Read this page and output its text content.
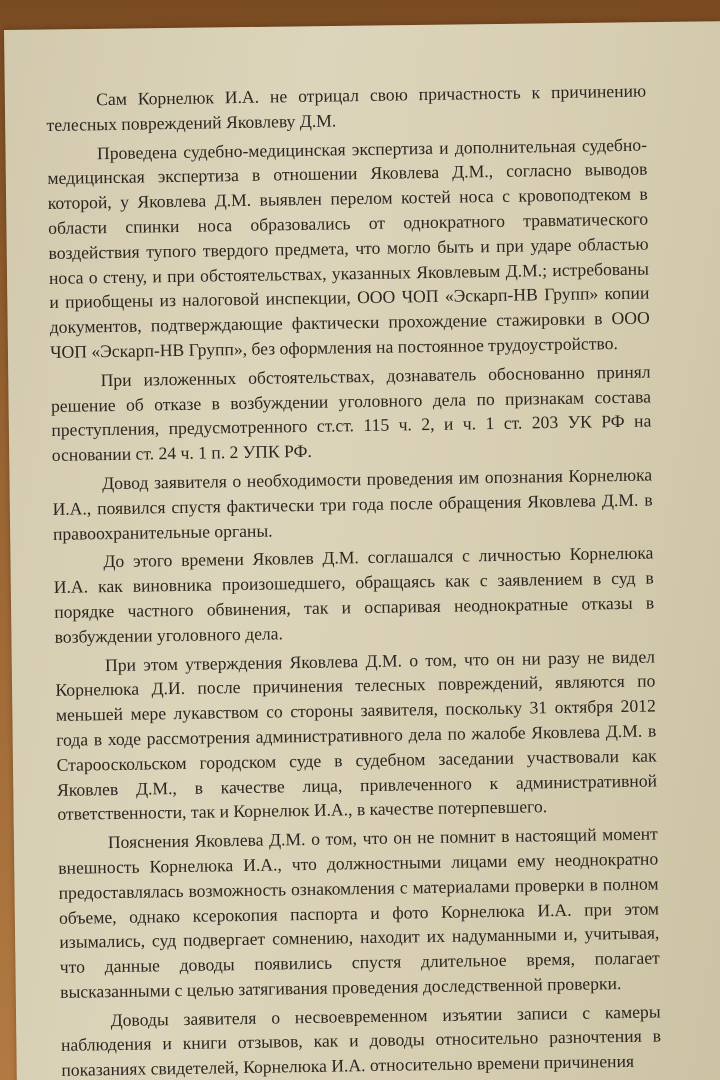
Сам Корнелюк И.А. не отрицал свою причастность к причинению телесных повреждений Яковлеву Д.М.

Проведена судебно-медицинская экспертиза и дополнительная судебно-медицинская экспертиза в отношении Яковлева Д.М., согласно выводов которой, у Яковлева Д.М. выявлен перелом костей носа с кровоподтеком в области спинки носа образовались от однократного травматического воздействия тупого твердого предмета, что могло быть и при ударе областью носа о стену, и при обстоятельствах, указанных Яковлевым Д.М.; истребованы и приобщены из налоговой инспекции, ООО ЧОП «Эскарп-НВ Групп» копии документов, подтверждающие фактически прохождение стажировки в ООО ЧОП «Эскарп-НВ Групп», без оформления на постоянное трудоустройство.

При изложенных обстоятельствах, дознаватель обоснованно принял решение об отказе в возбуждении уголовного дела по признакам состава преступления, предусмотренного ст.ст. 115 ч. 2, и ч. 1 ст. 203 УК РФ на основании ст. 24 ч. 1 п. 2 УПК РФ.

Довод заявителя о необходимости проведения им опознания Корнелюка И.А., появился спустя фактически три года после обращения Яковлева Д.М. в правоохранительные органы.

До этого времени Яковлев Д.М. соглашался с личностью Корнелюка И.А. как виновника произошедшего, обращаясь как с заявлением в суд в порядке частного обвинения, так и оспаривая неоднократные отказы в возбуждении уголовного дела.

При этом утверждения Яковлева Д.М. о том, что он ни разу не видел Корнелюка Д.И. после причинения телесных повреждений, являются по меньшей мере лукавством со стороны заявителя, поскольку 31 октября 2012 года в ходе рассмотрения административного дела по жалобе Яковлева Д.М. в Старооскольском городском суде в судебном заседании участвовали как Яковлев Д.М., в качестве лица, привлеченного к административной ответственности, так и Корнелюк И.А., в качестве потерпевшего.

Пояснения Яковлева Д.М. о том, что он не помнит в настоящий момент внешность Корнелюка И.А., что должностными лицами ему неоднократно предоставлялась возможность ознакомления с материалами проверки в полном объеме, однако ксерокопия паспорта и фото Корнелюка И.А. при этом изымались, суд подвергает сомнению, находит их надуманными и, учитывая, что данные доводы появились спустя длительное время, полагает высказанными с целью затягивания проведения доследственной проверки.

Доводы заявителя о несвоевременном изъятии записи с камеры наблюдения и книги отзывов, как и доводы относительно разночтения в показаниях свидетелей, Корнелюка И.А. относительно времени причинения
